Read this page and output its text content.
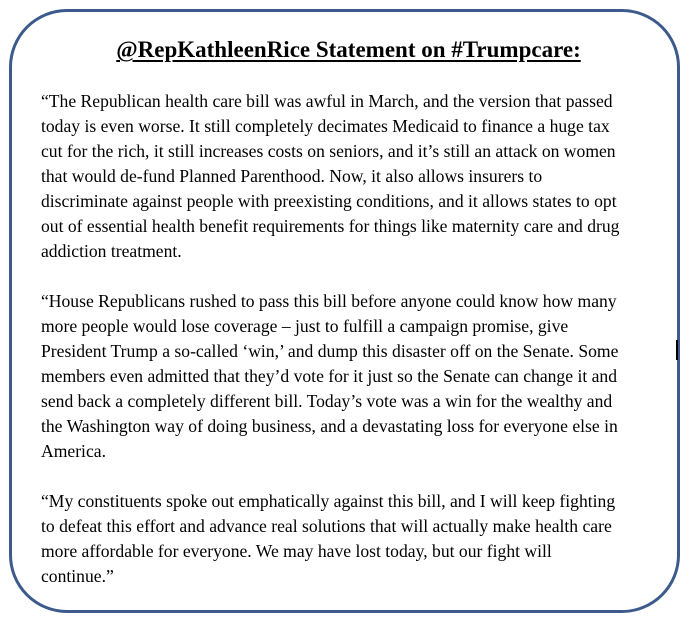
@RepKathleenRice Statement on #Trumpcare:

“The Republican health care bill was awful in March, and the version that passed
today is even worse. It still completely decimates Medicaid to finance a huge tax
cut for the rich, it still increases costs on seniors, and it’s still an attack on women
that would de-fund Planned Parenthood. Now, it also allows insurers to
discriminate against people with preexisting conditions, and it allows states to opt
out of essential health benefit requirements for things like maternity care and drug
addiction treatment.

“House Republicans rushed to pass this bill before anyone could know how many
more people would lose coverage – just to fulfill a campaign promise, give
President Trump a so-called ‘win,’ and dump this disaster off on the Senate. Some
members even admitted that they’d vote for it just so the Senate can change it and
send back a completely different bill. Today’s vote was a win for the wealthy and
the Washington way of doing business, and a devastating loss for everyone else in
America.

“My constituents spoke out emphatically against this bill, and I will keep fighting
to defeat this effort and advance real solutions that will actually make health care
more affordable for everyone. We may have lost today, but our fight will
continue.”
